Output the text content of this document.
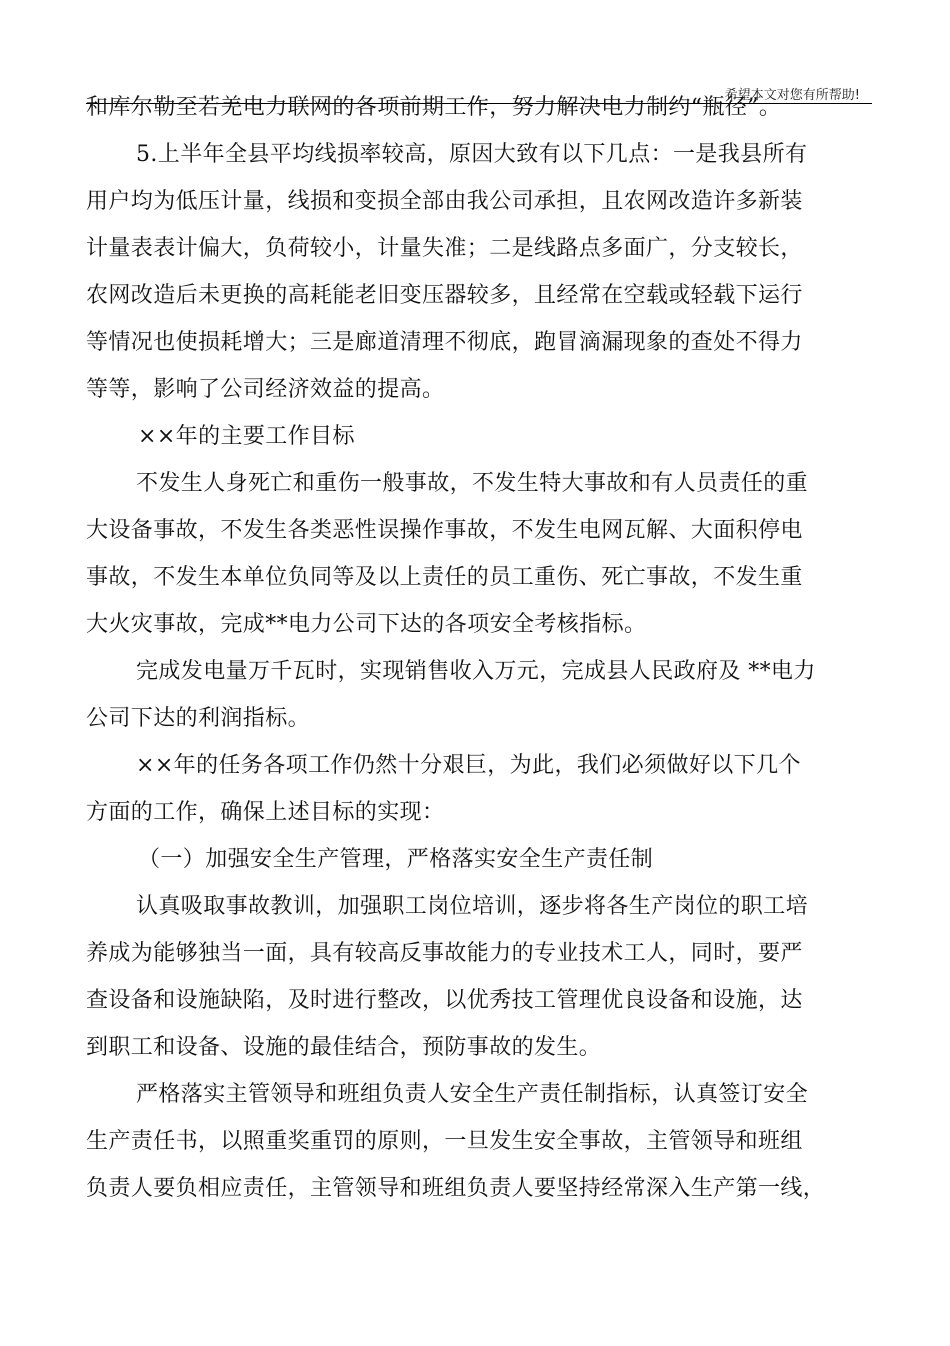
希望本文对您有所帮助!
和库尔勒至若羌电力联网的各项前期工作，努力解决电力制约“瓶径”。
5.上半年全县平均线损率较高，原因大致有以下几点：一是我县所有
用户均为低压计量，线损和变损全部由我公司承担，且农网改造许多新装
计量表表计偏大，负荷较小，计量失准；二是线路点多面广，分支较长，
农网改造后未更换的高耗能老旧变压器较多，且经常在空载或轻载下运行
等情况也使损耗增大；三是廊道清理不彻底，跑冒滴漏现象的查处不得力
等等，影响了公司经济效益的提高。
××年的主要工作目标
不发生人身死亡和重伤一般事故，不发生特大事故和有人员责任的重
大设备事故，不发生各类恶性误操作事故，不发生电网瓦解、大面积停电
事故，不发生本单位负同等及以上责任的员工重伤、死亡事故，不发生重
大火灾事故，完成**电力公司下达的各项安全考核指标。
完成发电量万千瓦时，实现销售收入万元，完成县人民政府及 **电力
公司下达的利润指标。
××年的任务各项工作仍然十分艰巨，为此，我们必须做好以下几个
方面的工作，确保上述目标的实现：
（一）加强安全生产管理，严格落实安全生产责任制
认真吸取事故教训，加强职工岗位培训，逐步将各生产岗位的职工培
养成为能够独当一面，具有较高反事故能力的专业技术工人，同时，要严
查设备和设施缺陷，及时进行整改，以优秀技工管理优良设备和设施，达
到职工和设备、设施的最佳结合，预防事故的发生。
严格落实主管领导和班组负责人安全生产责任制指标，认真签订安全
生产责任书，以照重奖重罚的原则，一旦发生安全事故，主管领导和班组
负责人要负相应责任，主管领导和班组负责人要坚持经常深入生产第一线，
